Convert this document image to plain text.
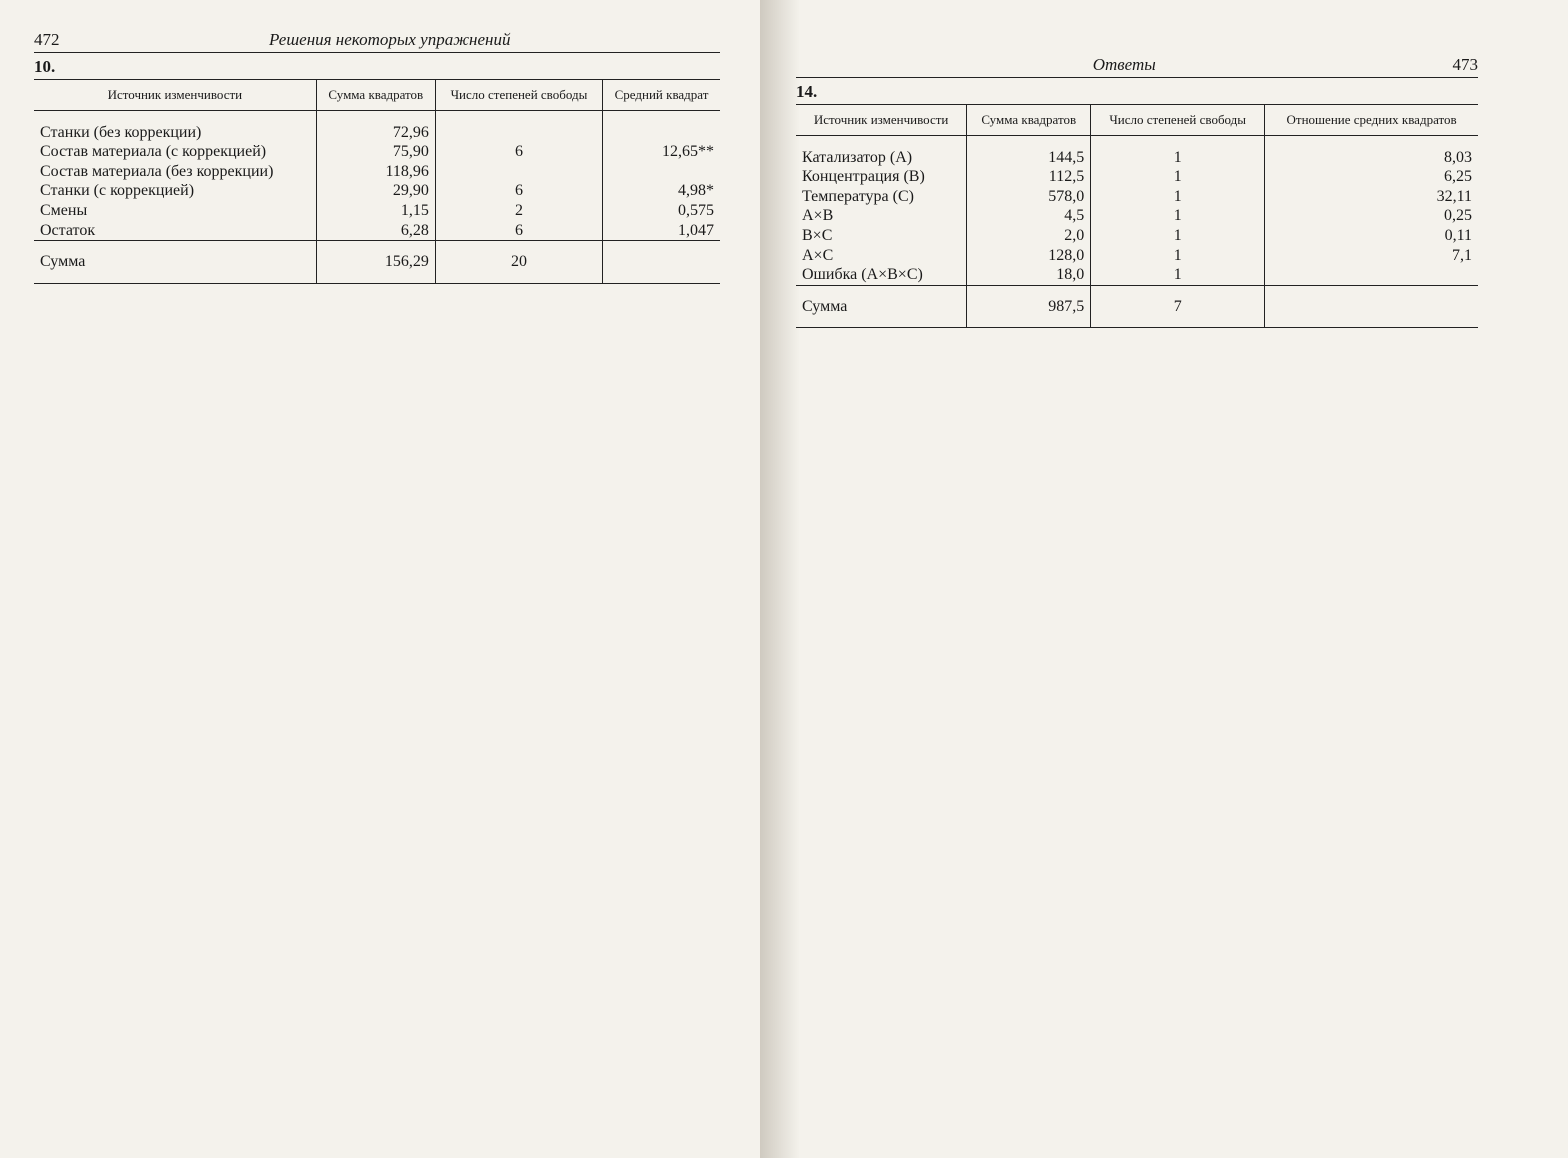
472	Решения некоторых упражнений
10.
Источник изменчивости	Сумма квадратов	Число степеней свободы	Средний квадрат

Станки (без коррекции)	72,96		
Состав материала (с коррекцией)	75,90	6	12,65**
Состав материала (без коррекции)	118,96		
Станки (с коррекцией)	29,90	6	4,98*
Смены	1,15	2	0,575
Остаток	6,28	6	1,047
Сумма	156,29	20	
Ответы	473
14.
Источник изменчивости	Сумма квадратов	Число степеней свободы	Отношение средних квадратов

Катализатор (A)	144,5	1	8,03
Концентрация (B)	112,5	1	6,25
Температура (C)	578,0	1	32,11
A×B	4,5	1	0,25
B×C	2,0	1	0,11
A×C	128,0	1	7,1
Ошибка (A×B×C)	18,0	1	
Сумма	987,5	7	
